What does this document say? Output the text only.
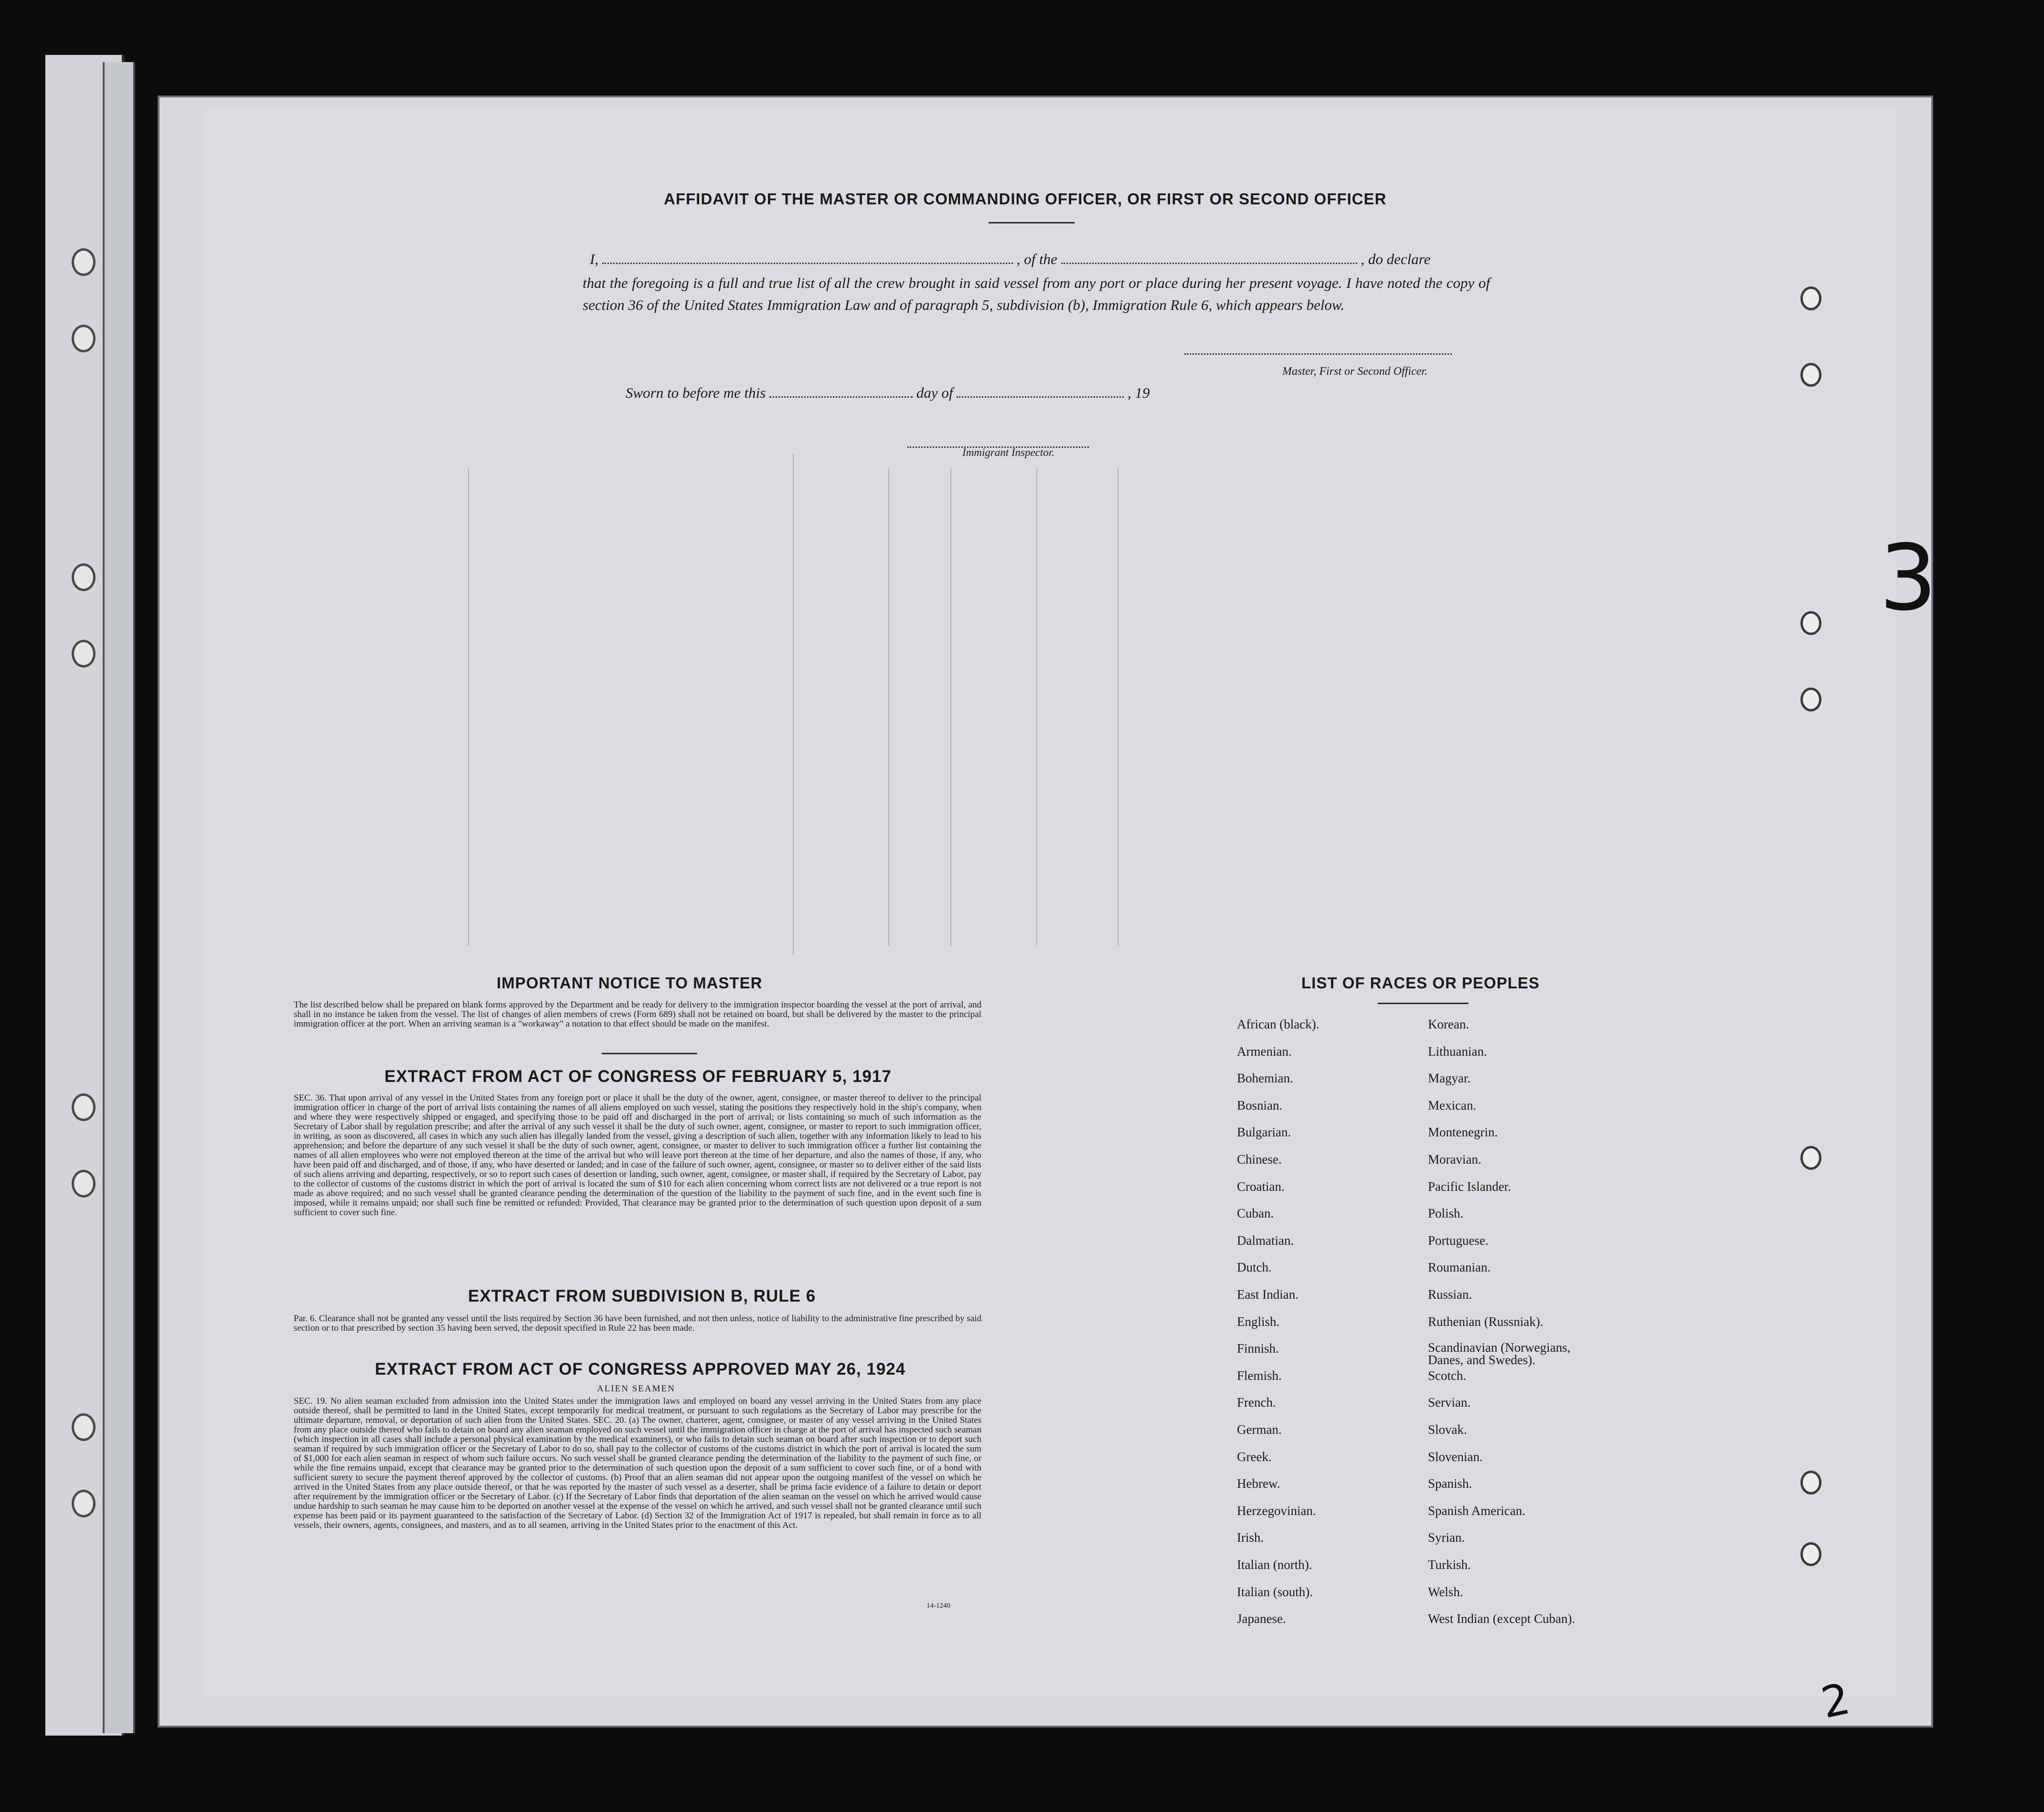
AFFIDAVIT OF THE MASTER OR COMMANDING OFFICER, OR FIRST OR SECOND OFFICER
I,	, of the	, do declare
that the foregoing is a full and true list of all the crew brought in said vessel from any port or place during her present voyage. I have noted the copy of section 36 of the United States Immigration Law and of paragraph 5, subdivision (b), Immigration Rule 6, which appears below.
Master, First or Second Officer.
Sworn to before me this	day of	, 19
Immigrant Inspector.
IMPORTANT NOTICE TO MASTER
The list described below shall be prepared on blank forms approved by the Department and be ready for delivery to the immigration inspector boarding the vessel at the port of arrival, and shall in no instance be taken from the vessel. The list of changes of alien members of crews (Form 689) shall not be retained on board, but shall be delivered by the master to the principal immigration officer at the port. When an arriving seaman is a "workaway" a notation to that effect should be made on the manifest.
EXTRACT FROM ACT OF CONGRESS OF FEBRUARY 5, 1917
SEC. 36. That upon arrival of any vessel in the United States from any foreign port or place it shall be the duty of the owner, agent, consignee, or master thereof to deliver to the principal immigration officer in charge of the port of arrival lists containing the names of all aliens employed on such vessel, stating the positions they respectively hold in the ship's company, when and where they were respectively shipped or engaged, and specifying those to be paid off and discharged in the port of arrival; or lists containing so much of such information as the Secretary of Labor shall by regulation prescribe; and after the arrival of any such vessel it shall be the duty of such owner, agent, consignee, or master to report to such immigration officer, in writing, as soon as discovered, all cases in which any such alien has illegally landed from the vessel, giving a description of such alien, together with any information likely to lead to his apprehension; and before the departure of any such vessel it shall be the duty of such owner, agent, consignee, or master to deliver to such immigration officer a further list containing the names of all alien employees who were not employed thereon at the time of the arrival but who will leave port thereon at the time of her departure, and also the names of those, if any, who have been paid off and discharged, and of those, if any, who have deserted or landed; and in case of the failure of such owner, agent, consignee, or master so to deliver either of the said lists of such aliens arriving and departing, respectively, or so to report such cases of desertion or landing, such owner, agent, consignee, or master shall, if required by the Secretary of Labor, pay to the collector of customs of the customs district in which the port of arrival is located the sum of $10 for each alien concerning whom correct lists are not delivered or a true report is not made as above required; and no such vessel shall be granted clearance pending the determination of the question of the liability to the payment of such fine, and in the event such fine is imposed, while it remains unpaid; nor shall such fine be remitted or refunded: Provided, That clearance may be granted prior to the determination of such question upon deposit of a sum sufficient to cover such fine.
EXTRACT FROM SUBDIVISION B, RULE 6
Par. 6. Clearance shall not be granted any vessel until the lists required by Section 36 have been furnished, and not then unless, notice of liability to the administrative fine prescribed by said section or to that prescribed by section 35 having been served, the deposit specified in Rule 22 has been made.
EXTRACT FROM ACT OF CONGRESS APPROVED MAY 26, 1924
ALIEN SEAMEN
SEC. 19. No alien seaman excluded from admission into the United States under the immigration laws and employed on board any vessel arriving in the United States from any place outside thereof, shall be permitted to land in the United States, except temporarily for medical treatment, or pursuant to such regulations as the Secretary of Labor may prescribe for the ultimate departure, removal, or deportation of such alien from the United States. SEC. 20. (a) The owner, charterer, agent, consignee, or master of any vessel arriving in the United States from any place outside thereof who fails to detain on board any alien seaman employed on such vessel until the immigration officer in charge at the port of arrival has inspected such seaman (which inspection in all cases shall include a personal physical examination by the medical examiners), or who fails to detain such seaman on board after such inspection or to deport such seaman if required by such immigration officer or the Secretary of Labor to do so, shall pay to the collector of customs of the customs district in which the port of arrival is located the sum of $1,000 for each alien seaman in respect of whom such failure occurs. No such vessel shall be granted clearance pending the determination of the liability to the payment of such fine, or while the fine remains unpaid, except that clearance may be granted prior to the determination of such question upon the deposit of a sum sufficient to cover such fine, or of a bond with sufficient surety to secure the payment thereof approved by the collector of customs. (b) Proof that an alien seaman did not appear upon the outgoing manifest of the vessel on which he arrived in the United States from any place outside thereof, or that he was reported by the master of such vessel as a deserter, shall be prima facie evidence of a failure to detain or deport after requirement by the immigration officer or the Secretary of Labor. (c) If the Secretary of Labor finds that deportation of the alien seaman on the vessel on which he arrived would cause undue hardship to such seaman he may cause him to be deported on another vessel at the expense of the vessel on which he arrived, and such vessel shall not be granted clearance until such expense has been paid or its payment guaranteed to the satisfaction of the Secretary of Labor. (d) Section 32 of the Immigration Act of 1917 is repealed, but shall remain in force as to all vessels, their owners, agents, consignees, and masters, and as to all seamen, arriving in the United States prior to the enactment of this Act.
14-1240
LIST OF RACES OR PEOPLES
African (black).
Armenian.
Bohemian.
Bosnian.
Bulgarian.
Chinese.
Croatian.
Cuban.
Dalmatian.
Dutch.
East Indian.
English.
Finnish.
Flemish.
French.
German.
Greek.
Hebrew.
Herzegovinian.
Irish.
Italian (north).
Italian (south).
Japanese.
Korean.
Lithuanian.
Magyar.
Mexican.
Montenegrin.
Moravian.
Pacific Islander.
Polish.
Portuguese.
Roumanian.
Russian.
Ruthenian (Russniak).
Scandinavian (Norwegians, Danes, and Swedes).
Scotch.
Servian.
Slovak.
Slovenian.
Spanish.
Spanish American.
Syrian.
Turkish.
Welsh.
West Indian (except Cuban).
3
2
